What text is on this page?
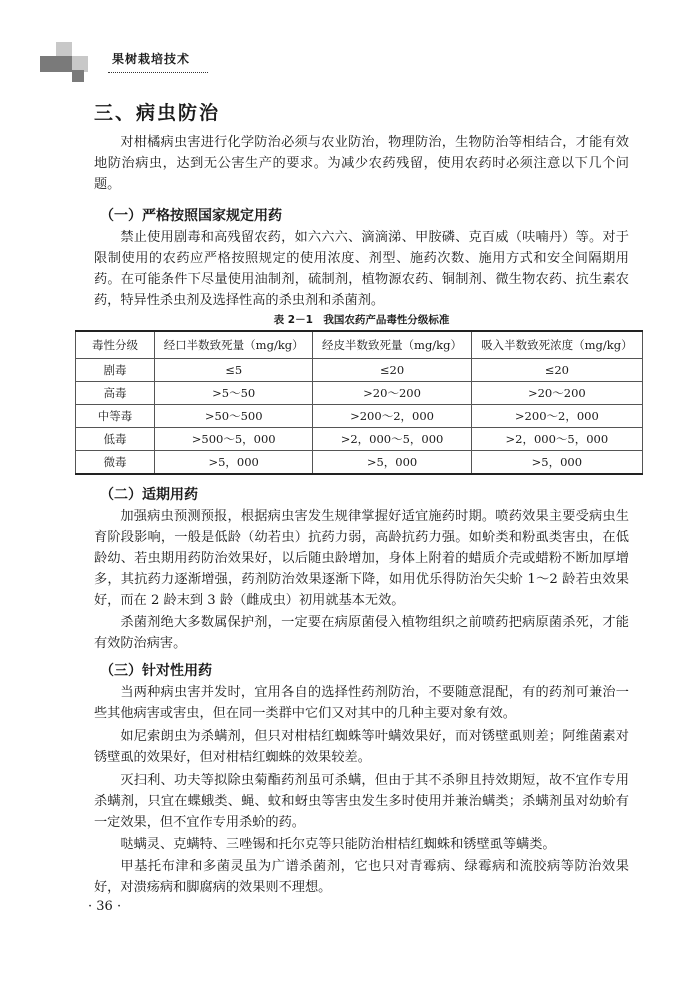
果树栽培技术
三、病虫防治

对柑橘病虫害进行化学防治必须与农业防治，物理防治，生物防治等相结合，才能有效地防治病虫，达到无公害生产的要求。为减少农药残留，使用农药时必须注意以下几个问题。

（一）严格按照国家规定用药

禁止使用剧毒和高残留农药，如六六六、滴滴涕、甲胺磷、克百威（呋喃丹）等。对于限制使用的农药应严格按照规定的使用浓度、剂型、施药次数、施用方式和安全间隔期用药。在可能条件下尽量使用油制剂，硫制剂，植物源农药、铜制剂、微生物农药、抗生素农药，特异性杀虫剂及选择性高的杀虫剂和杀菌剂。

表 2－1　我国农药产品毒性分级标准
毒性分级	经口半数致死量（mg/kg）	经皮半数致死量（mg/kg）	吸入半数致死浓度（mg/kg）
剧毒	≤5	≤20	≤20
高毒	>5～50	>20～200	>20～200
中等毒	>50～500	>200～2，000	>200～2，000
低毒	>500～5，000	>2，000～5，000	>2，000～5，000
微毒	>5，000	>5，000	>5，000
（二）适期用药

加强病虫预测预报，根据病虫害发生规律掌握好适宜施药时期。喷药效果主要受病虫生育阶段影响，一般是低龄（幼若虫）抗药力弱，高龄抗药力强。如蚧类和粉虱类害虫，在低龄幼、若虫期用药防治效果好，以后随虫龄增加，身体上附着的蜡质介壳或蜡粉不断加厚增多，其抗药力逐渐增强，药剂防治效果逐渐下降，如用优乐得防治矢尖蚧 1～2 龄若虫效果好，而在 2 龄末到 3 龄（雌成虫）初用就基本无效。

杀菌剂绝大多数属保护剂，一定要在病原菌侵入植物组织之前喷药把病原菌杀死，才能有效防治病害。

（三）针对性用药

当两种病虫害并发时，宜用各自的选择性药剂防治，不要随意混配，有的药剂可兼治一些其他病害或害虫，但在同一类群中它们又对其中的几种主要对象有效。

如尼索朗虫为杀螨剂，但只对柑桔红蜘蛛等叶螨效果好，而对锈壁虱则差；阿维菌素对锈壁虱的效果好，但对柑桔红蜘蛛的效果较差。

灭扫利、功夫等拟除虫菊酯药剂虽可杀螨，但由于其不杀卵且持效期短，故不宜作专用杀螨剂，只宜在蝶蛾类、蝇、蚊和蚜虫等害虫发生多时使用并兼治螨类；杀螨剂虽对幼蚧有一定效果，但不宜作专用杀蚧的药。

哒螨灵、克螨特、三唑锡和托尔克等只能防治柑桔红蜘蛛和锈壁虱等螨类。

甲基托布津和多菌灵虽为广谱杀菌剂，它也只对青霉病、绿霉病和流胶病等防治效果好，对溃疡病和脚腐病的效果则不理想。

· 36 ·
